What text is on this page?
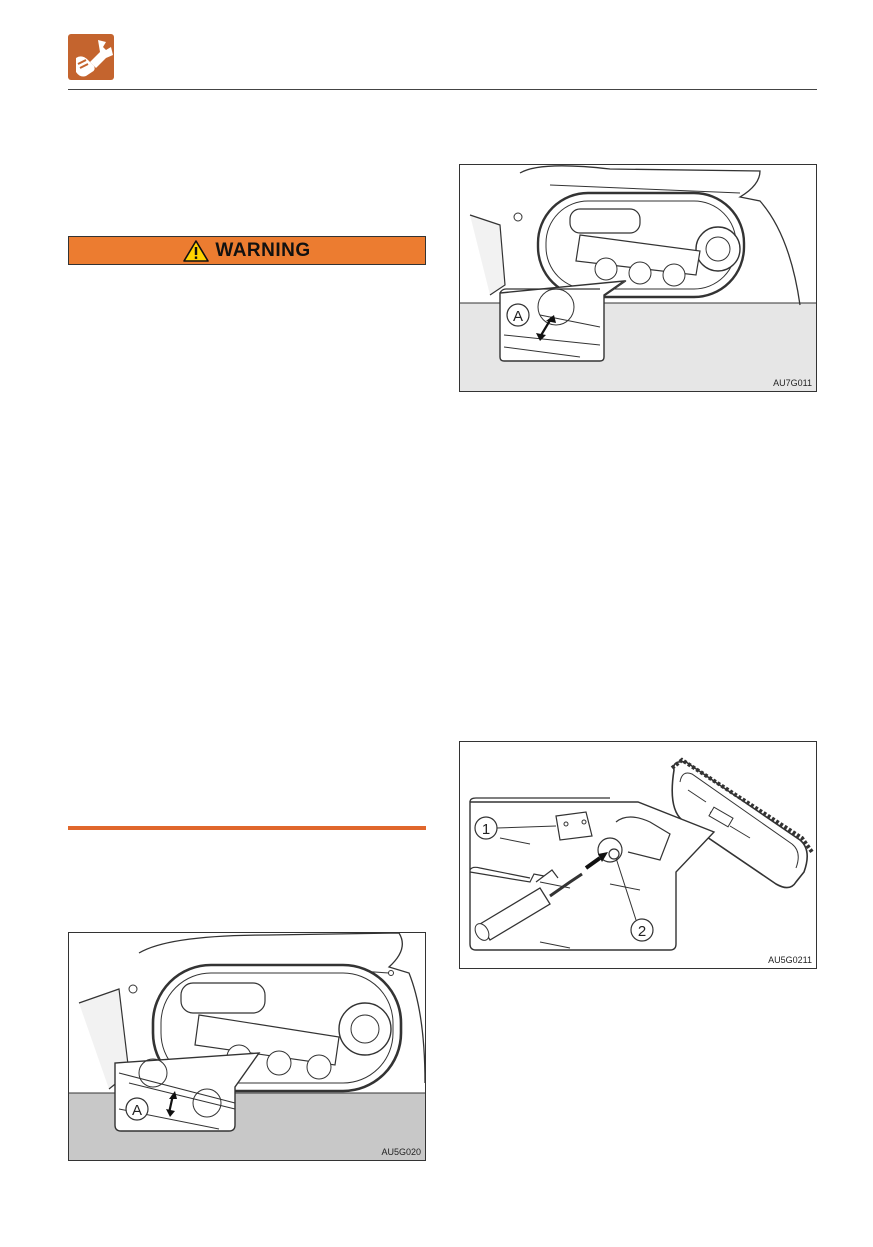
WARNING
A
AU7G011
1
2
AU5G0211
A
AU5G020
